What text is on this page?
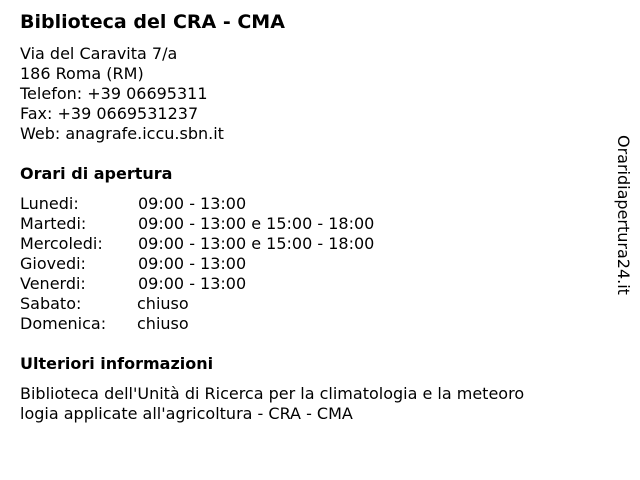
Biblioteca del CRA - CMA
Via del Caravita 7/a
186 Roma (RM)
Telefon: +39 06695311
Fax: +39 0669531237
Web: anagrafe.iccu.sbn.it
Orari di apertura
Lunedi:	09:00 - 13:00
Martedi:	09:00 - 13:00 e 15:00 - 18:00
Mercoledi: 09:00 - 13:00 e 15:00 - 18:00
Giovedi:	09:00 - 13:00
Venerdi:	09:00 - 13:00
Sabato:	chiuso
Domenica: chiuso
Ulteriori informazioni
Biblioteca dell'Unità di Ricerca per la climatologia e la meteoro
logia applicate all'agricoltura - CRA - CMA
Oraridiapertura24.it
